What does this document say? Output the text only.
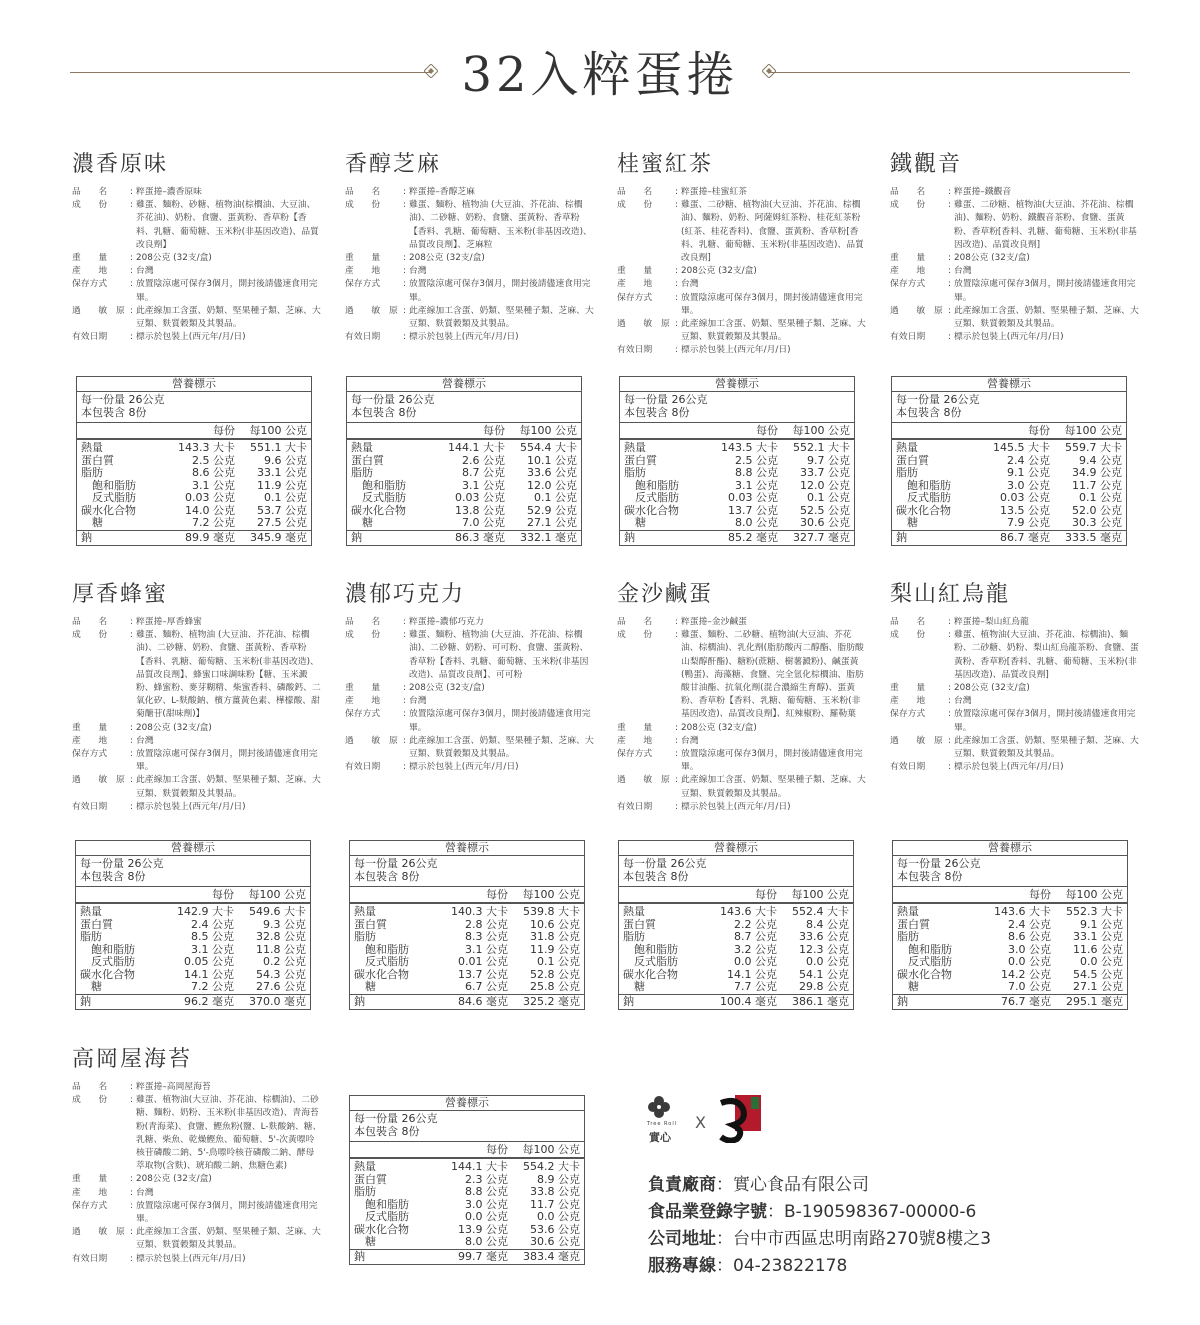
32入粹蛋捲
濃香原味
品　　名	: 粹蛋捲–濃香原味
成　　份	: 雞蛋、麵粉、砂糖、植物油(棕櫚油、大豆油、芥花油)、奶粉、食鹽、蛋黃粉、香草粉【香料、乳糖、葡萄糖、玉米粉(非基因改造)、品質改良劑】
重　　量	: 208公克 (32支/盒)
產　　地	: 台灣
保存方式	: 放置陰涼處可保存3個月，開封後請儘速食用完畢。
過　　敏　原 : 此產線加工含蛋、奶類、堅果種子類、芝麻、大豆類、麩質穀類及其製品。
有效日期	: 標示於包裝上(西元年/月/日)
營養標示
每一份量 26公克
本包裝含 8份
每份	每100 公克
熱量	143.3 大卡	551.1 大卡
蛋白質	2.5 公克	9.6 公克
脂肪	8.6 公克	33.1 公克
　飽和脂肪	3.1 公克	11.9 公克
　反式脂肪	0.03 公克	0.1 公克
碳水化合物	14.0 公克	53.7 公克
　糖	7.2 公克	27.5 公克
鈉	89.9 毫克	345.9 毫克
香醇芝麻
品　　名	: 粹蛋捲–香醇芝麻
成　　份	: 雞蛋、麵粉、植物油 (大豆油、芥花油、棕櫚油)、二砂糖、奶粉、食鹽、蛋黃粉、香草粉【香料、乳糖、葡萄糖、玉米粉(非基因改造)、品質改良劑】、芝麻粒
重　　量	: 208公克 (32支/盒)
產　　地	: 台灣
保存方式	: 放置陰涼處可保存3個月，開封後請儘速食用完畢。
過　　敏　原 : 此產線加工含蛋、奶類、堅果種子類、芝麻、大豆類、麩質穀類及其製品。
有效日期	: 標示於包裝上(西元年/月/日)
營養標示
每一份量 26公克
本包裝含 8份
每份	每100 公克
熱量	144.1 大卡	554.4 大卡
蛋白質	2.6 公克	10.1 公克
脂肪	8.7 公克	33.6 公克
　飽和脂肪	3.1 公克	12.0 公克
　反式脂肪	0.03 公克	0.1 公克
碳水化合物	13.8 公克	52.9 公克
　糖	7.0 公克	27.1 公克
鈉	86.3 毫克	332.1 毫克
桂蜜紅茶
品　　名	: 粹蛋捲–桂蜜紅茶
成　　份	: 雞蛋、二砂糖、植物油(大豆油、芥花油、棕櫚油)、麵粉、奶粉、阿薩姆紅茶粉、桂花紅茶粉(紅茶、桂花香料)、食鹽、蛋黃粉、香草粉[香料、乳糖、葡萄糖、玉米粉(非基因改造)、品質改良劑]
重　　量	: 208公克 (32支/盒)
產　　地	: 台灣
保存方式	: 放置陰涼處可保存3個月，開封後請儘速食用完畢。
過　　敏　原 : 此產線加工含蛋、奶類、堅果種子類、芝麻、大豆類、麩質穀類及其製品。
有效日期	: 標示於包裝上(西元年/月/日)
營養標示
每一份量 26公克
本包裝含 8份
每份	每100 公克
熱量	143.5 大卡	552.1 大卡
蛋白質	2.5 公克	9.7 公克
脂肪	8.8 公克	33.7 公克
　飽和脂肪	3.1 公克	12.0 公克
　反式脂肪	0.03 公克	0.1 公克
碳水化合物	13.7 公克	52.5 公克
　糖	8.0 公克	30.6 公克
鈉	85.2 毫克	327.7 毫克
鐵觀音
品　　名	: 粹蛋捲–鐵觀音
成　　份	: 雞蛋、二砂糖、植物油(大豆油、芥花油、棕櫚油)、麵粉、奶粉、鐵觀音茶粉、食鹽、蛋黃粉、香草粉[香料、乳糖、葡萄糖、玉米粉(非基因改造)、品質改良劑]
重　　量	: 208公克 (32支/盒)
產　　地	: 台灣
保存方式	: 放置陰涼處可保存3個月，開封後請儘速食用完畢。
過　　敏　原 : 此產線加工含蛋、奶類、堅果種子類、芝麻、大豆類、麩質穀類及其製品。
有效日期	: 標示於包裝上(西元年/月/日)
營養標示
每一份量 26公克
本包裝含 8份
每份	每100 公克
熱量	145.5 大卡	559.7 大卡
蛋白質	2.4 公克	9.4 公克
脂肪	9.1 公克	34.9 公克
　飽和脂肪	3.0 公克	11.7 公克
　反式脂肪	0.03 公克	0.1 公克
碳水化合物	13.5 公克	52.0 公克
　糖	7.9 公克	30.3 公克
鈉	86.7 毫克	333.5 毫克
厚香蜂蜜
品　　名	: 粹蛋捲–厚香蜂蜜
成　　份	: 雞蛋、麵粉、植物油 (大豆油、芥花油、棕櫚油)、二砂糖、奶粉、食鹽、蛋黃粉、香草粉【香料、乳糖、葡萄糖、玉米粉(非基因改造)、品質改良劑】、蜂蜜口味調味粉【糖、玉米澱粉、蜂蜜粉、麥芽糊精、柴蜜香料、磷酸鈣、二氧化矽、L-麩酸鈉、檳方薑黃色素、樺檬酸、甜菊醣苷(甜味劑)】
重　　量	: 208公克 (32支/盒)
產　　地	: 台灣
保存方式	: 放置陰涼處可保存3個月，開封後請儘速食用完畢。
過　　敏　原 : 此產線加工含蛋、奶類、堅果種子類、芝麻、大豆類、麩質穀類及其製品。
有效日期	: 標示於包裝上(西元年/月/日)
營養標示
每一份量 26公克
本包裝含 8份
每份	每100 公克
熱量	142.9 大卡	549.6 大卡
蛋白質	2.4 公克	9.3 公克
脂肪	8.5 公克	32.8 公克
　飽和脂肪	3.1 公克	11.8 公克
　反式脂肪	0.05 公克	0.2 公克
碳水化合物	14.1 公克	54.3 公克
　糖	7.2 公克	27.6 公克
鈉	96.2 毫克	370.0 毫克
濃郁巧克力
品　　名	: 粹蛋捲–濃郁巧克力
成　　份	: 雞蛋、麵粉、植物油 (大豆油、芥花油、棕櫚油)、二砂糖、奶粉、可可粉、食鹽、蛋黃粉、香草粉【香料、乳糖、葡萄糖、玉米粉(非基因改造)、品質改良劑】、可可粉
重　　量	: 208公克 (32支/盒)
產　　地	: 台灣
保存方式	: 放置陰涼處可保存3個月，開封後請儘速食用完畢。
過　　敏　原 : 此產線加工含蛋、奶類、堅果種子類、芝麻、大豆類、麩質穀類及其製品。
有效日期	: 標示於包裝上(西元年/月/日)
營養標示
每一份量 26公克
本包裝含 8份
每份	每100 公克
熱量	140.3 大卡	539.8 大卡
蛋白質	2.8 公克	10.6 公克
脂肪	8.3 公克	31.8 公克
　飽和脂肪	3.1 公克	11.9 公克
　反式脂肪	0.01 公克	0.1 公克
碳水化合物	13.7 公克	52.8 公克
　糖	6.7 公克	25.8 公克
鈉	84.6 毫克	325.2 毫克
金沙鹹蛋
品　　名	: 粹蛋捲–金沙鹹蛋
成　　份	: 雞蛋、麵粉、二砂糖、植物油(大豆油、芥花油、棕櫚油)、乳化劑(脂肪酸丙二醇酯、脂肪酸山梨醇酐酯)、糖粉(蔗糖、樹薯澱粉)、鹹蛋黃(鴨蛋)、海藻糖、食鹽、完全氫化棕櫚油、脂肪酸甘油酯、抗氧化劑(混合濃縮生育醇)、蛋黃粉、香草粉【香料、乳糖、葡萄糖、玉米粉(非基因改造)、品質改良劑】、紅辣椒粉、羅勒葉
重　　量	: 208公克 (32支/盒)
產　　地	: 台灣
保存方式	: 放置陰涼處可保存3個月，開封後請儘速食用完畢。
過　　敏　原 : 此產線加工含蛋、奶類、堅果種子類、芝麻、大豆類、麩質穀類及其製品。
有效日期	: 標示於包裝上(西元年/月/日)
營養標示
每一份量 26公克
本包裝含 8份
每份	每100 公克
熱量	143.6 大卡	552.4 大卡
蛋白質	2.2 公克	8.4 公克
脂肪	8.7 公克	33.6 公克
　飽和脂肪	3.2 公克	12.3 公克
　反式脂肪	0.0 公克	0.0 公克
碳水化合物	14.1 公克	54.1 公克
　糖	7.7 公克	29.8 公克
鈉	100.4 毫克	386.1 毫克
梨山紅烏龍
品　　名	: 粹蛋捲–梨山紅烏龍
成　　份	: 雞蛋、植物油(大豆油、芥花油、棕櫚油)、麵粉、二砂糖、奶粉、梨山紅烏龍茶粉、食鹽、蛋黃粉、香草粉[香料、乳糖、葡萄糖、玉米粉(非基因改造)、品質改良劑]
重　　量	: 208公克 (32支/盒)
產　　地	: 台灣
保存方式	: 放置陰涼處可保存3個月，開封後請儘速食用完畢。
過　　敏　原 : 此產線加工含蛋、奶類、堅果種子類、芝麻、大豆類、麩質穀類及其製品。
有效日期	: 標示於包裝上(西元年/月/日)
營養標示
每一份量 26公克
本包裝含 8份
每份	每100 公克
熱量	143.6 大卡	552.3 大卡
蛋白質	2.4 公克	9.1 公克
脂肪	8.6 公克	33.1 公克
　飽和脂肪	3.0 公克	11.6 公克
　反式脂肪	0.0 公克	0.0 公克
碳水化合物	14.2 公克	54.5 公克
　糖	7.0 公克	27.1 公克
鈉	76.7 毫克	295.1 毫克
高岡屋海苔
品　　名	: 粹蛋捲–高岡屋海苔
成　　份	: 雞蛋、植物油(大豆油、芥花油、棕櫚油)、二砂糖、麵粉、奶粉、玉米粉(非基因改造)、青海苔粉(青海菜)、食鹽、鰹魚粉(鹽、L-麩酸鈉、糖、乳糖、柴魚、乾燥鰹魚、葡萄糖、5'-次黃嘌呤核苷磷酸二鈉、5'-鳥嘌呤核苷磷酸二鈉、酵母萃取物(含麩)、琥珀酸二鈉、焦糖色素)
重　　量	: 208公克 (32支/盒)
產　　地	: 台灣
保存方式	: 放置陰涼處可保存3個月，開封後請儘速食用完畢。
過　　敏　原 : 此產線加工含蛋、奶類、堅果種子類、芝麻、大豆類、麩質穀類及其製品。
有效日期	: 標示於包裝上(西元年/月/日)
營養標示
每一份量 26公克
本包裝含 8份
每份	每100 公克
熱量	144.1 大卡	554.2 大卡
蛋白質	2.3 公克	8.9 公克
脂肪	8.8 公克	33.8 公克
　飽和脂肪	3.0 公克	11.7 公克
　反式脂肪	0.0 公克	0.0 公克
碳水化合物	13.9 公克	53.6 公克
　糖	8.0 公克	30.6 公克
鈉	99.7 毫克	383.4 毫克
Tree Roll
實心
X
負責廠商 ： 實心食品有限公司
食品業登錄字號 ： B-190598367-00000-6
公司地址 ： 台中市西區忠明南路270號8樓之3
服務專線 ： 04-23822178
